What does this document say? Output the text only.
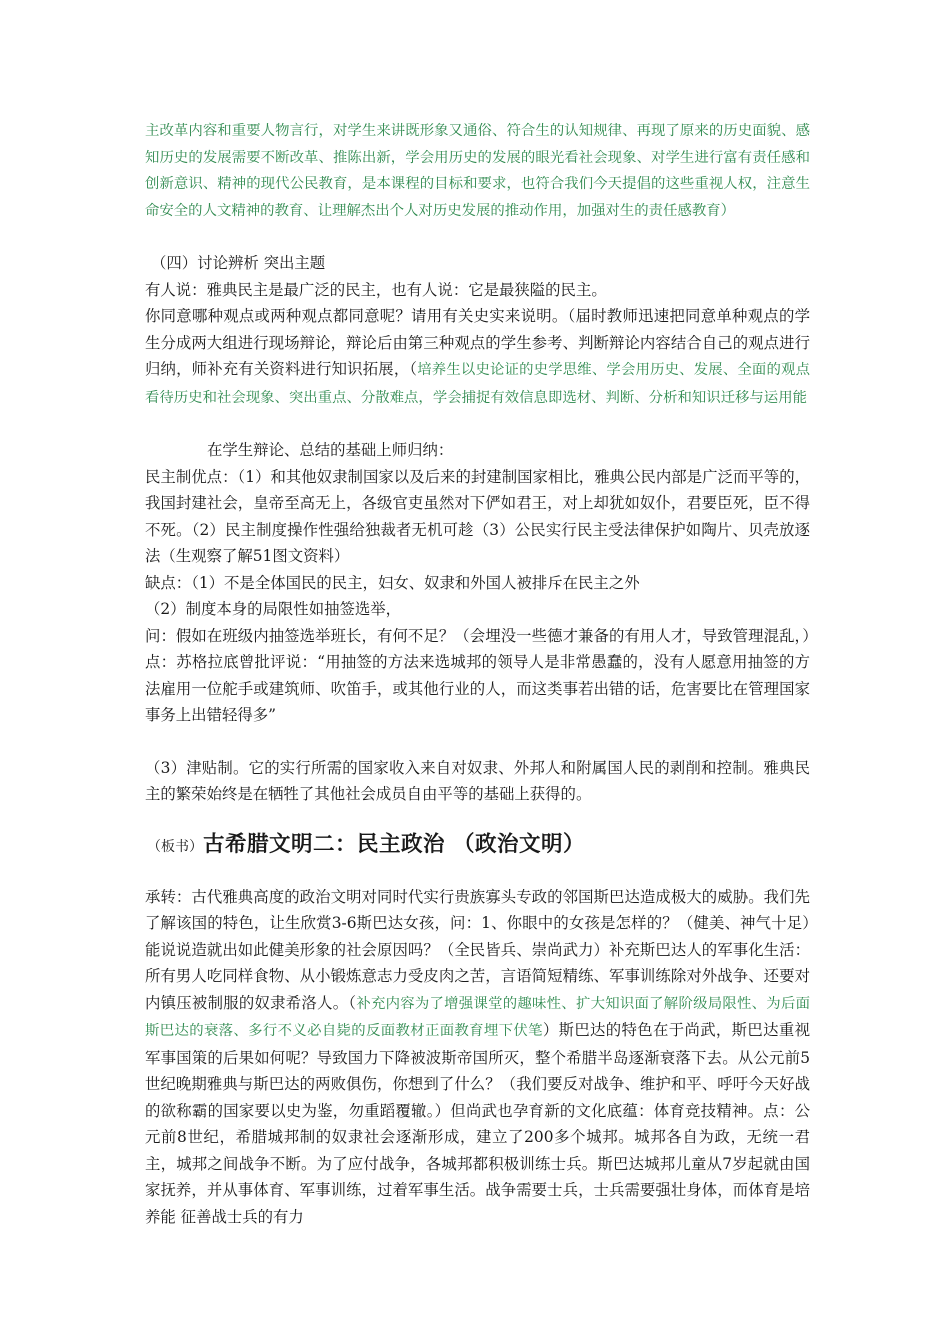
主改革内容和重要人物言行，对学生来讲既形象又通俗、符合生的认知规律、再现了原来的历史面貌、感知历史的发展需要不断改革、推陈出新，学会用历史的发展的眼光看社会现象、对学生进行富有责任感和创新意识、精神的现代公民教育，是本课程的目标和要求，也符合我们今天提倡的这些重视人权，注意生命安全的人文精神的教育、让理解杰出个人对历史发展的推动作用，加强对生的责任感教育）

（四）讨论辨析 突出主题

有人说：雅典民主是最广泛的民主，也有人说：它是最狭隘的民主。

你同意哪种观点或两种观点都同意呢？请用有关史实来说明。（届时教师迅速把同意单种观点的学生分成两大组进行现场辩论，辩论后由第三种观点的学生参考、判断辩论内容结合自己的观点进行归纳，师补充有关资料进行知识拓展，（培养生以史论证的史学思维、学会用历史、发展、全面的观点看待历史和社会现象、突出重点、分散难点，学会捕捉有效信息即选材、判断、分析和知识迁移与运用能

在学生辩论、总结的基础上师归纳：

民主制优点：（1）和其他奴隶制国家以及后来的封建制国家相比，雅典公民内部是广泛而平等的，我国封建社会，皇帝至高无上，各级官吏虽然对下俨如君王，对上却犹如奴仆，君要臣死，臣不得不死。（2）民主制度操作性强给独裁者无机可趁（3）公民实行民主受法律保护如陶片、贝壳放逐法（生观察了解51图文资料）

缺点：（1）不是全体国民的民主，妇女、奴隶和外国人被排斥在民主之外

（2）制度本身的局限性如抽签选举，

问：假如在班级内抽签选举班长，有何不足？（会埋没一些德才兼备的有用人才，导致管理混乱，）点：苏格拉底曾批评说：“用抽签的方法来选城邦的领导人是非常愚蠢的，没有人愿意用抽签的方法雇用一位舵手或建筑师、吹笛手，或其他行业的人，而这类事若出错的话，危害要比在管理国家事务上出错轻得多”

（3）津贴制。它的实行所需的国家收入来自对奴隶、外邦人和附属国人民的剥削和控制。雅典民主的繁荣始终是在牺牲了其他社会成员自由平等的基础上获得的。

（板书）古希腊文明二：民主政治 （政治文明）

承转：古代雅典高度的政治文明对同时代实行贵族寡头专政的邻国斯巴达造成极大的威胁。我们先了解该国的特色，让生欣赏3-6斯巴达女孩，问：1、你眼中的女孩是怎样的？（健美、神气十足）能说说造就出如此健美形象的社会原因吗？（全民皆兵、崇尚武力）补充斯巴达人的军事化生活：所有男人吃同样食物、从小锻炼意志力受皮肉之苦，言语简短精练、军事训练除对外战争、还要对内镇压被制服的奴隶希洛人。（补充内容为了增强课堂的趣味性、扩大知识面了解阶级局限性、为后面斯巴达的衰落、多行不义必自毙的反面教材正面教育埋下伏笔）斯巴达的特色在于尚武，斯巴达重视军事国策的后果如何呢？导致国力下降被波斯帝国所灭，整个希腊半岛逐渐衰落下去。从公元前5世纪晚期雅典与斯巴达的两败俱伤，你想到了什么？（我们要反对战争、维护和平、呼吁今天好战的欲称霸的国家要以史为鉴，勿重蹈覆辙。）但尚武也孕育新的文化底蕴：体育竞技精神。点：公元前8世纪，希腊城邦制的奴隶社会逐渐形成，建立了200多个城邦。城邦各自为政，无统一君主，城邦之间战争不断。为了应付战争，各城邦都积极训练士兵。斯巴达城邦儿童从7岁起就由国家抚养，并从事体育、军事训练，过着军事生活。战争需要士兵，士兵需要强壮身体，而体育是培养能 征善战士兵的有力
